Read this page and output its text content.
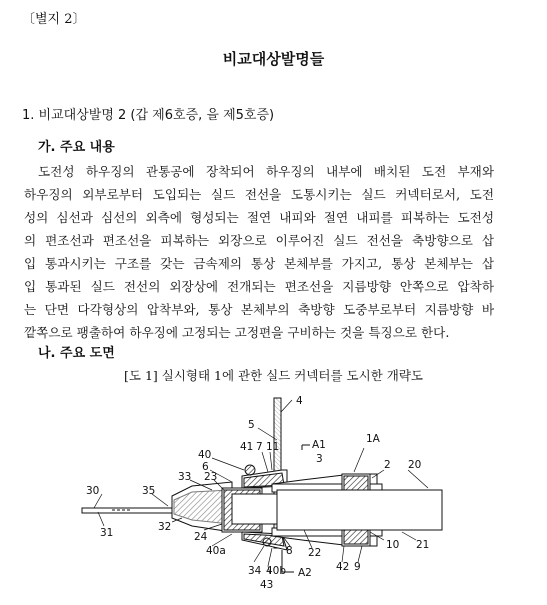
〔별지 2〕
비교대상발명들
1. 비교대상발명 2 (갑 제6호증, 을 제5호증)
가. 주요 내용
도전성 하우징의 관통공에 장착되어 하우징의 내부에 배치된 도전 부재와
하우징의 외부로부터 도입되는 실드 전선을 도통시키는 실드 커넥터로서, 도전
성의 심선과 심선의 외측에 형성되는 절연 내피와 절연 내피를 피복하는 도전성
의 편조선과 편조선을 피복하는 외장으로 이루어진 실드 전선을 축방향으로 삽
입 통과시키는 구조를 갖는 금속제의 통상 본체부를 가지고, 통상 본체부는 삽
입 통과된 실드 전선의 외장상에 전개되는 편조선을 지름방향 안쪽으로 압착하
는 단면 다각형상의 압착부와, 통상 본체부의 축방향 도중부로부터 지름방향 바
깥쪽으로 팽출하여 하우징에 고정되는 고정편을 구비하는 것을 특징으로 한다.
나. 주요 도면
[도 1] 실시형태 1에 관한 실드 커넥터를 도시한 개략도
4
5
41 7 11	A1
3
1A
40
6
33 23
2 20
30	35
31	32
24
40a	8 22
10 21
34 40b A2 42 9
43
